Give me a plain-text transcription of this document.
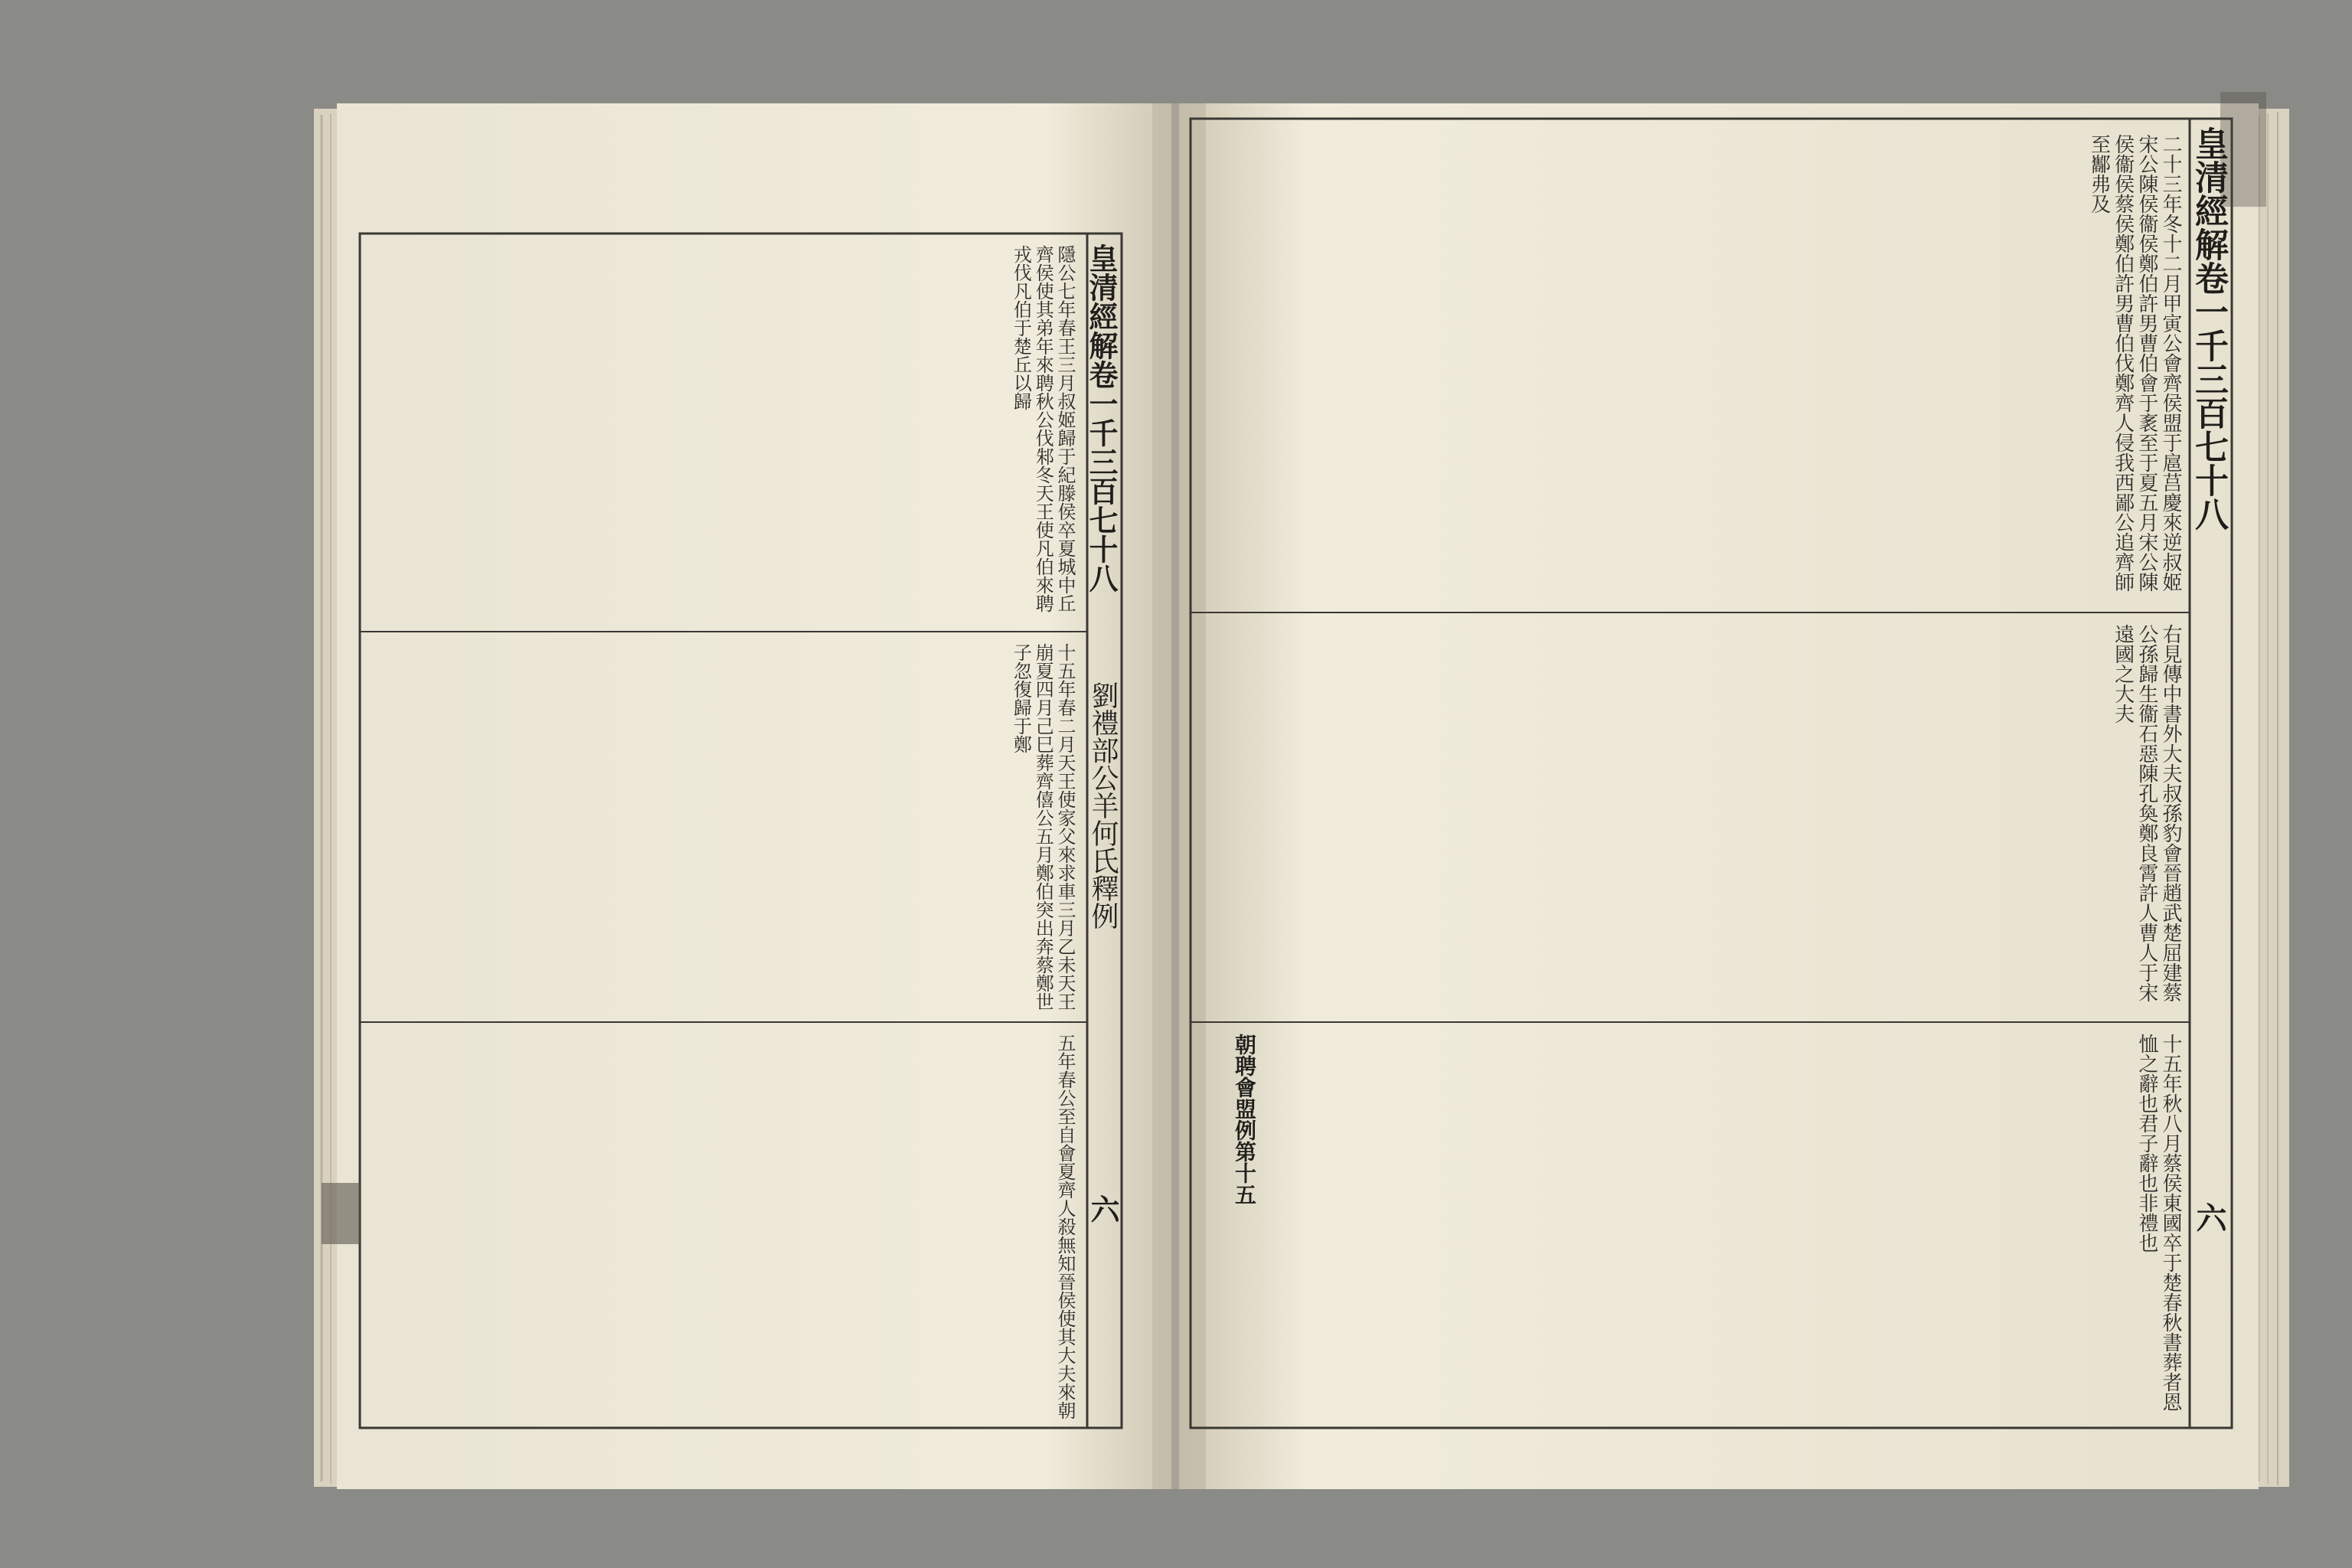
二十三年冬十二月甲寅公會齊侯盟于扈莒慶來逆叔姬宋公陳侯衞侯鄭伯許男曹伯會于袲至于夏五月宋公陳侯衞侯蔡侯鄭伯許男曹伯伐鄭齊人侵我西鄙公追齊師至酅弗及
右見傳中書外大夫叔孫豹會晉趙武楚屈建蔡公孫歸生衞石惡陳孔奐鄭良霄許人曹人于宋遠國之大夫
十五年秋八月蔡侯東國卒于楚春秋書葬者恩恤之辭也君子辭也非禮也
朝聘會盟例第十五
皇清經解卷一千三百七十八
六
隱公七年春王三月叔姬歸于紀滕侯卒夏城中丘齊侯使其弟年來聘秋公伐邾冬天王使凡伯來聘戎伐凡伯于楚丘以歸
十五年春二月天王使家父來求車三月乙未天王崩夏四月己巳葬齊僖公五月鄭伯突出奔蔡鄭世子忽復歸于鄭
五年春公至自會夏齊人殺無知晉侯使其大夫來朝
皇清經解卷一千三百七十八
劉禮部公羊何氏釋例
六
